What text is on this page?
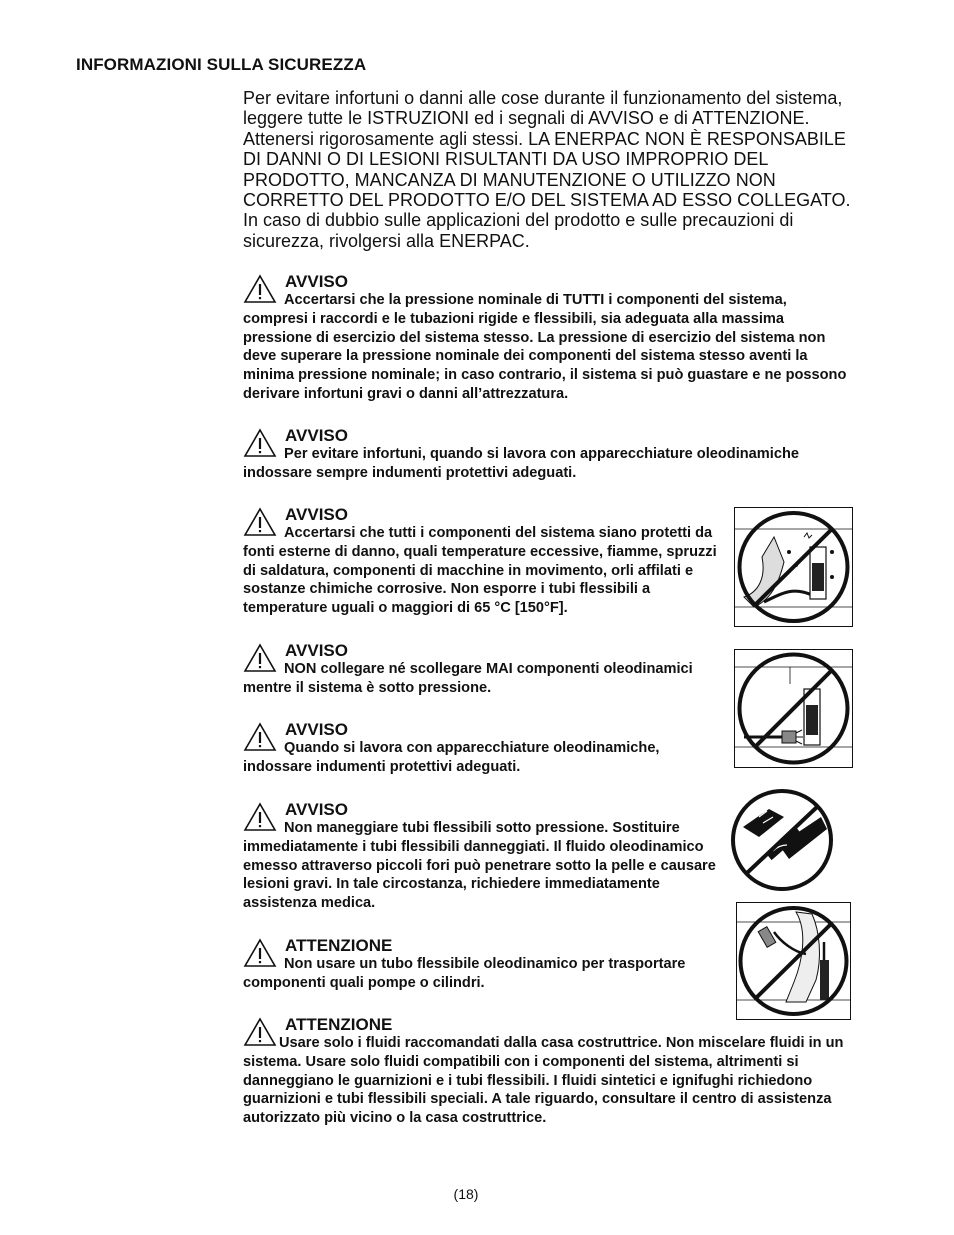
INFORMAZIONI SULLA SICUREZZA
Per evitare infortuni o danni alle cose durante il funzionamento del sistema, leggere tutte le ISTRUZIONI ed i segnali di AVVISO e di ATTENZIONE. Attenersi rigorosamente agli stessi. LA ENERPAC NON È RESPONSABILE DI DANNI O DI LESIONI RISULTANTI DA USO IMPROPRIO DEL PRODOTTO, MANCANZA DI MANUTENZIONE O UTILIZZO NON CORRETTO DEL PRODOTTO E/O DEL SISTEMA AD ESSO COLLEGATO. In caso di dubbio sulle applicazioni del prodotto e sulle precauzioni di sicurezza, rivolgersi alla ENERPAC.
AVVISO
Accertarsi che la pressione nominale di TUTTI i componenti del sistema, compresi i raccordi e le tubazioni rigide e flessibili, sia adeguata alla massima pressione di esercizio del sistema stesso. La pressione di esercizio del sistema non deve superare la pressione nominale dei componenti del sistema stesso aventi la minima pressione nominale; in caso contrario, il sistema si può guastare e ne possono derivare infortuni gravi o danni all’attrezzatura.
AVVISO
Per evitare infortuni, quando si lavora con apparecchiature oleodinamiche indossare sempre indumenti protettivi adeguati.
AVVISO
Accertarsi che tutti i componenti del sistema siano protetti da fonti esterne di danno, quali temperature eccessive, fiamme, spruzzi di saldatura, componenti di macchine in movimento, orli affilati e sostanze chimiche corrosive. Non esporre i tubi flessibili a temperature uguali o maggiori di 65 °C [150°F].
AVVISO
NON collegare né scollegare MAI componenti oleodinamici mentre il sistema è sotto pressione.
AVVISO
Quando si lavora con apparecchiature oleodinamiche, indossare indumenti protettivi adeguati.
AVVISO
Non maneggiare tubi flessibili sotto pressione. Sostituire immediatamente i tubi flessibili danneggiati. Il fluido oleodinamico emesso attraverso piccoli fori può penetrare sotto la pelle e causare lesioni gravi. In tale circostanza, richiedere immediatamente assistenza medica.
ATTENZIONE
Non usare un tubo flessibile oleodinamico per trasportare componenti quali pompe o cilindri.
ATTENZIONE
Usare solo i fluidi raccomandati dalla casa costruttrice. Non miscelare fluidi in un sistema. Usare solo fluidi compatibili con i componenti del sistema, altrimenti si danneggiano le guarnizioni e i tubi flessibili. I fluidi sintetici e ignifughi richiedono guarnizioni e tubi flessibili speciali. A tale riguardo, consultare il centro di assistenza autorizzato più vicino o la casa costruttrice.
(18)
